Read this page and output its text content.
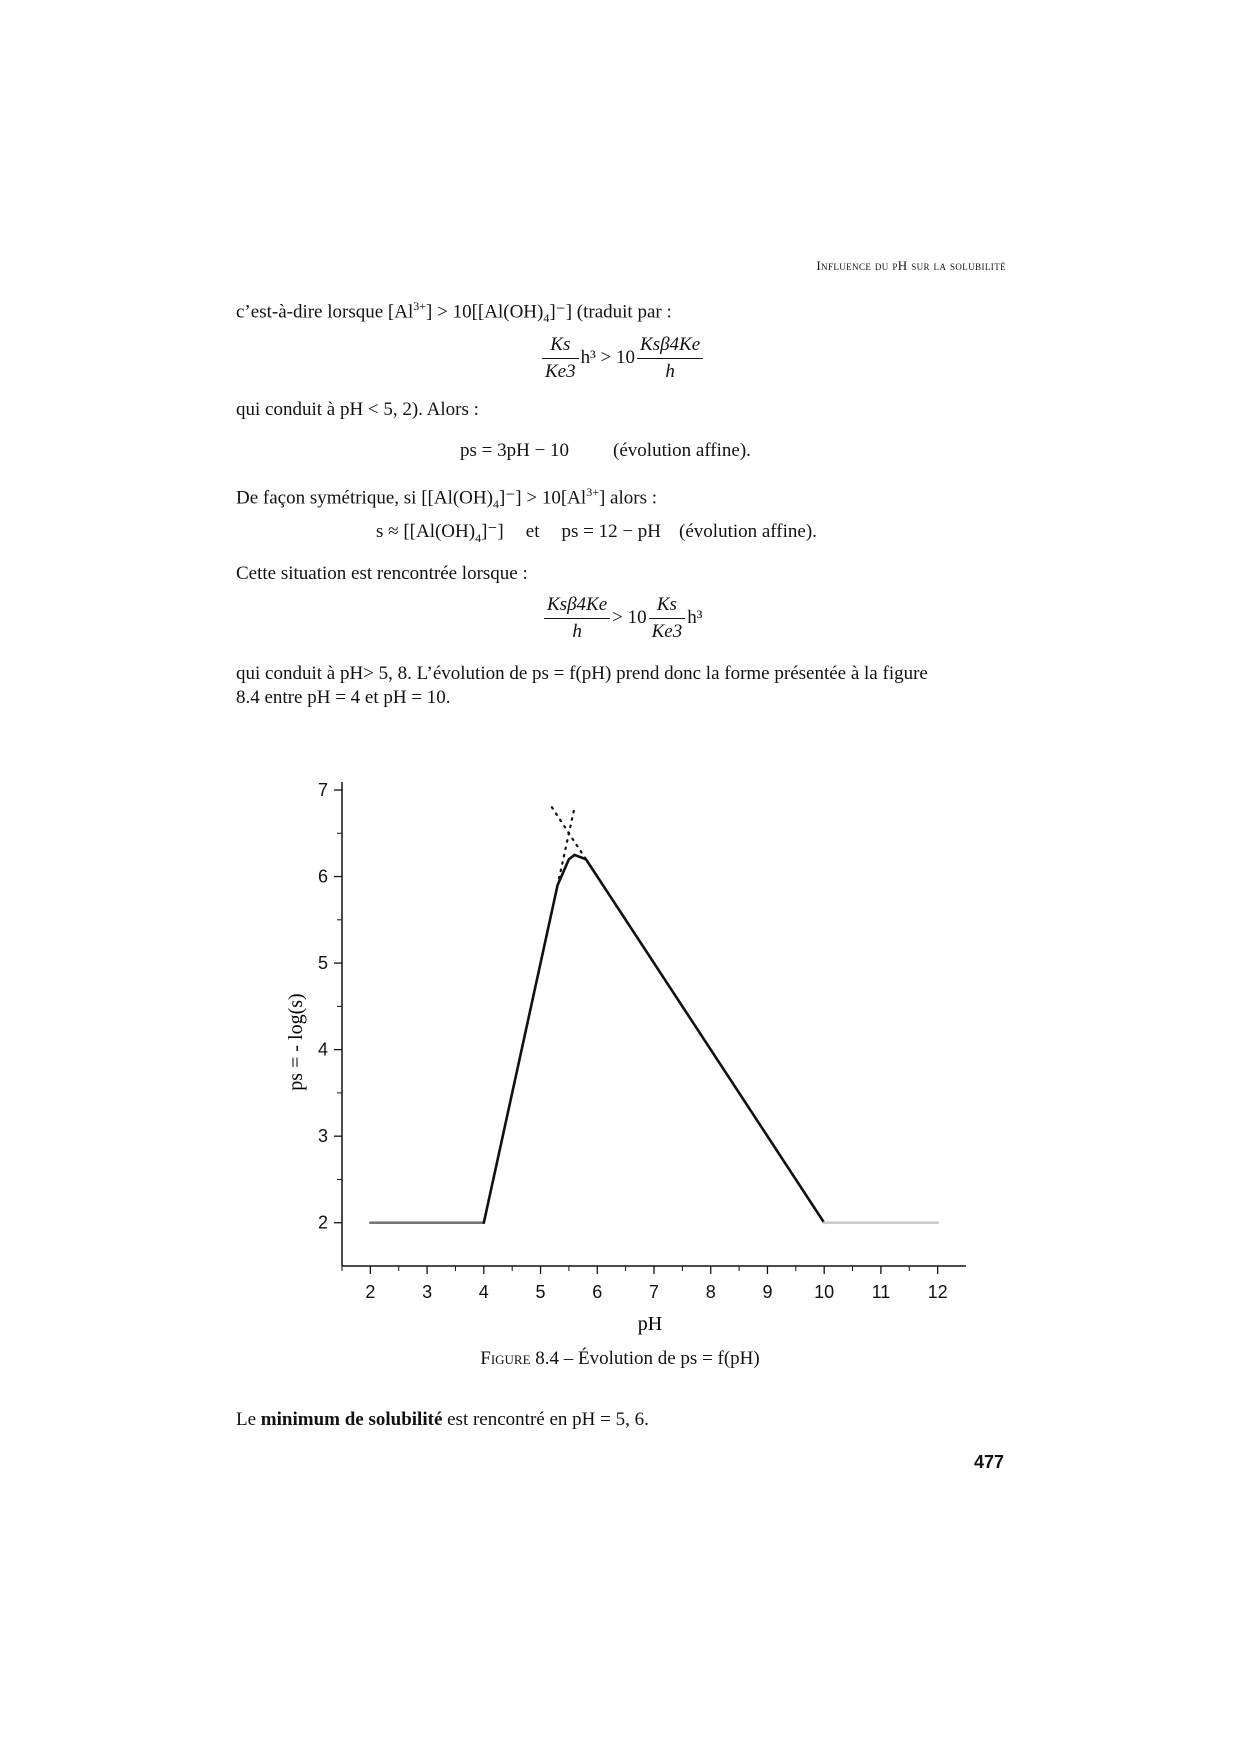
Influence du pH sur la solubilité
c’est-à-dire lorsque $[Al^{3+}] > 10[[Al(OH)_4]^-]$ (traduit par :
$\frac{Ks}{Ke3} h^3 > 10 \frac{\text{Ksβ4Ke}}{h}$
qui conduit à pH < 5, 2). Alors :
ps = 3pH − 10 (évolution affine).
De façon symétrique, si $[[Al(OH)_4]^-] > 10[Al^{3+}]$ alors :
$s \approx [[Al(OH)_4]^-]$ et ps = 12 − pH (évolution affine).
Cette situation est rencontrée lorsque :
$\frac{\text{Ksβ4Ke}}{h} > 10 \frac{Ks}{Ke3} h^3$
qui conduit à pH> 5, 8. L’évolution de ps = f(pH) prend donc la forme présentée à la figure
8.4 entre pH = 4 et pH = 10.
2	3	4	5	6	7	8	9 10 11 12
2
3
4
5
6
7
pH
ps = - log(s)
Figure 8.4 – Évolution de ps = f(pH)
Le minimum de solubilité est rencontré en pH = 5, 6.
477
